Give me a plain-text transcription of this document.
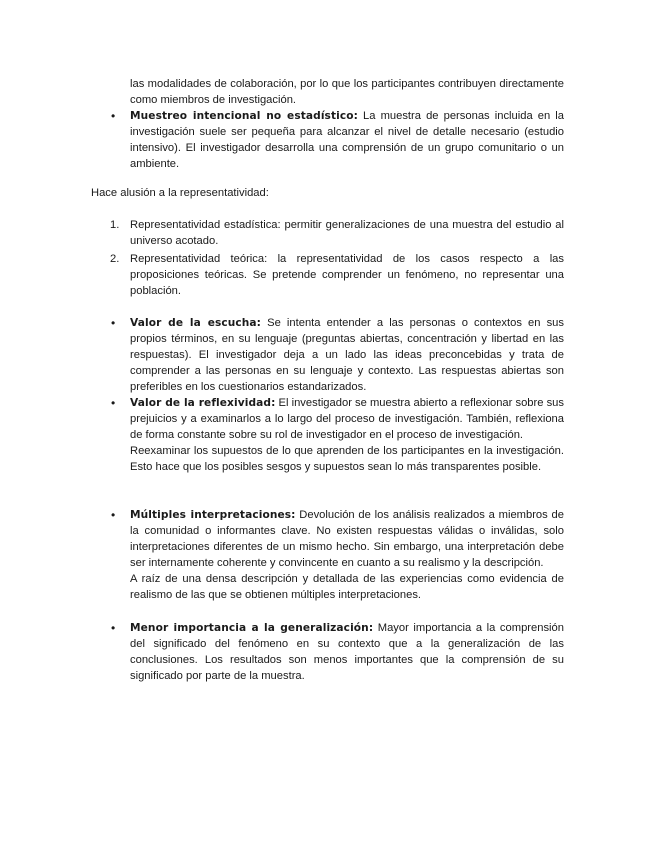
las modalidades de colaboración, por lo que los participantes contribuyen directamente como miembros de investigación.

• Muestreo intencional no estadístico: La muestra de personas incluida en la investigación suele ser pequeña para alcanzar el nivel de detalle necesario (estudio intensivo). El investigador desarrolla una comprensión de un grupo comunitario o un ambiente.

Hace alusión a la representatividad:
1. Representatividad estadística: permitir generalizaciones de una muestra del estudio al universo acotado.

2. Representatividad teórica: la representatividad de los casos respecto a las proposiciones teóricas. Se pretende comprender un fenómeno, no representar una población.

• Valor de la escucha: Se intenta entender a las personas o contextos en sus propios términos, en su lenguaje (preguntas abiertas, concentración y libertad en las respuestas). El investigador deja a un lado las ideas preconcebidas y trata de comprender a las personas en su lenguaje y contexto. Las respuestas abiertas son preferibles en los cuestionarios estandarizados.

• Valor de la reflexividad: El investigador se muestra abierto a reflexionar sobre sus prejuicios y a examinarlos a lo largo del proceso de investigación. También, reflexiona de forma constante sobre su rol de investigador en el proceso de investigación.

Reexaminar los supuestos de lo que aprenden de los participantes en la investigación. Esto hace que los posibles sesgos y supuestos sean lo más transparentes posible.

• Múltiples interpretaciones: Devolución de los análisis realizados a miembros de la comunidad o informantes clave. No existen respuestas válidas o inválidas, solo interpretaciones diferentes de un mismo hecho. Sin embargo, una interpretación debe ser internamente coherente y convincente en cuanto a su realismo y la descripción.

A raíz de una densa descripción y detallada de las experiencias como evidencia de realismo de las que se obtienen múltiples interpretaciones.

• Menor importancia a la generalización: Mayor importancia a la comprensión del significado del fenómeno en su contexto que a la generalización de las conclusiones. Los resultados son menos importantes que la comprensión de su significado por parte de la muestra.
